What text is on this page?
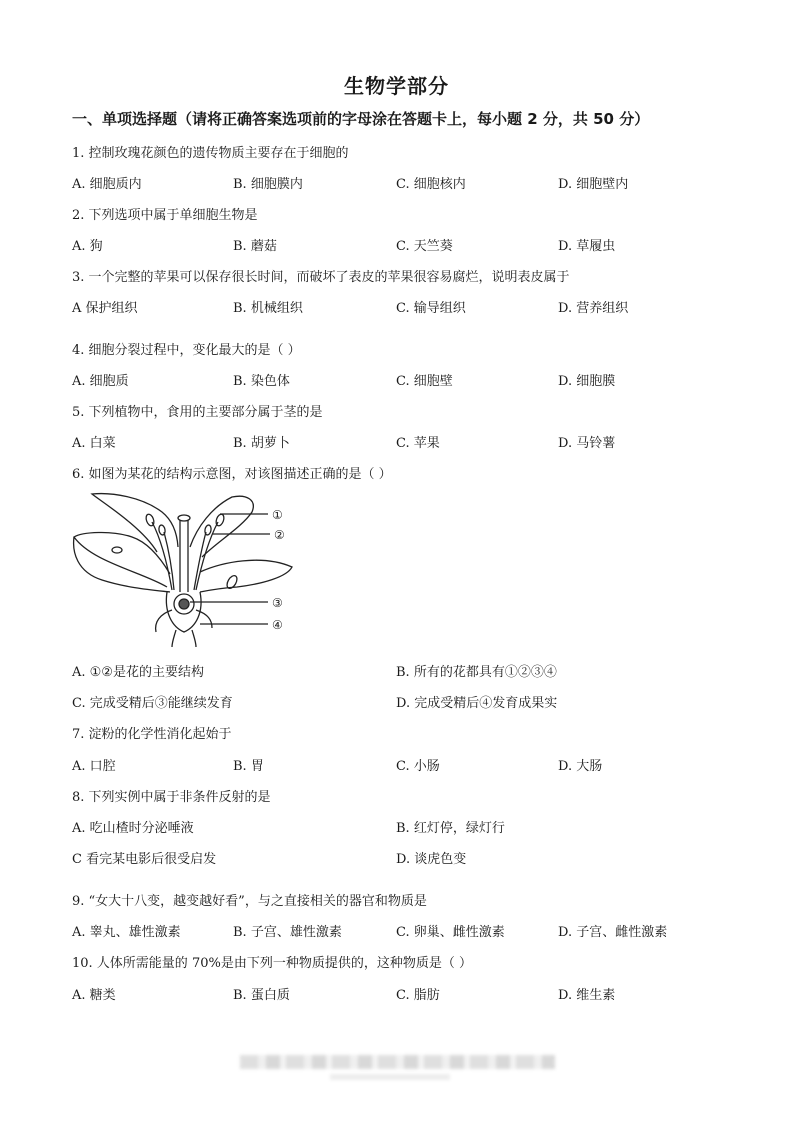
生物学部分
一、单项选择题（请将正确答案选项前的字母涂在答题卡上，每小题 2 分，共 50 分）
1. 控制玫瑰花颜色的遗传物质主要存在于细胞的
A. 细胞质内	B. 细胞膜内	C. 细胞核内	D. 细胞壁内
2. 下列选项中属于单细胞生物是
A. 狗	B. 蘑菇	C. 天竺葵	D. 草履虫
3. 一个完整的苹果可以保存很长时间，而破坏了表皮的苹果很容易腐烂，说明表皮属于
A 保护组织	B. 机械组织	C. 输导组织	D. 营养组织
4. 细胞分裂过程中，变化最大的是（ ）
A. 细胞质	B. 染色体	C. 细胞壁	D. 细胞膜
5. 下列植物中，食用的主要部分属于茎的是
A. 白菜	B. 胡萝卜	C. 苹果	D. 马铃薯
6. 如图为某花的结构示意图，对该图描述正确的是（ ）
①
②
③
④
A. ①②是花的主要结构	B. 所有的花都具有①②③④
C. 完成受精后③能继续发育	D. 完成受精后④发育成果实
7. 淀粉的化学性消化起始于
A. 口腔	B. 胃	C. 小肠	D. 大肠
8. 下列实例中属于非条件反射的是
A. 吃山楂时分泌唾液	B. 红灯停，绿灯行
C 看完某电影后很受启发	D. 谈虎色变
9. “女大十八变，越变越好看”，与之直接相关的器官和物质是
A. 睾丸、雄性激素	B. 子宫、雄性激素	C. 卵巢、雌性激素	D. 子宫、雌性激素
10. 人体所需能量的 70%是由下列一种物质提供的，这种物质是（ ）
A. 糖类	B. 蛋白质	C. 脂肪	D. 维生素
